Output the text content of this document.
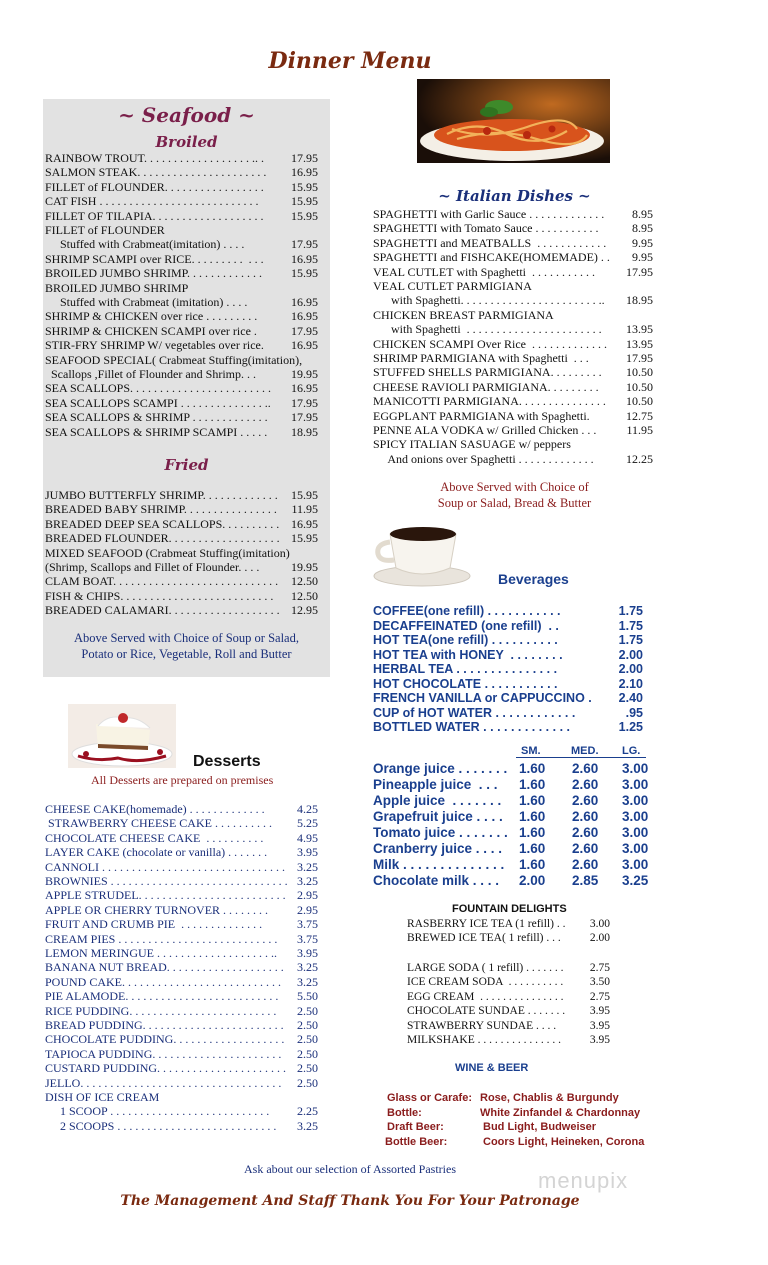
Dinner Menu
~ Seafood ~
Broiled
Fried
Above Served with Choice of Soup or Salad,
Potato or Rice, Vegetable, Roll and Butter
RAINBOW TROUT. . . . . . . . . . . . . . . . . . .. .	17.95
SALMON STEAK. . . . . . . . . . . . . . . . . . . . . .	16.95
FILLET of FLOUNDER. . . . . . . . . . . . . . . . .	15.95
CAT FISH . . . . . . . . . . . . . . . . . . . . . . . . . . .	15.95
FILLET OF TILAPIA. . . . . . . . . . . . . . . . . . .	15.95
FILLET of FLOUNDER
Stuffed with Crabmeat(imitation) . . . .	17.95
SHRIMP SCAMPI over RICE. . . . . . . . .  . . .	16.95
BROILED JUMBO SHRIMP. . . . . . . . . . . . .	15.95
BROILED JUMBO SHRIMP
Stuffed with Crabmeat (imitation) . . . .	16.95
SHRIMP & CHICKEN over rice . . . . . . . . .	16.95
SHRIMP & CHICKEN SCAMPI over rice .	17.95
STIR-FRY SHRIMP W/ vegetables over rice.	16.95
SEAFOOD SPECIAL( Crabmeat Stuffing(imitation),
Scallops ,Fillet of Flounder and Shrimp. . .	19.95
SEA SCALLOPS. . . . . . . . . . . . . . . . . . . . . . . .	16.95
SEA SCALLOPS SCAMPI . . . . . . . . . . . . . . ..	17.95
SEA SCALLOPS & SHRIMP . . . . . . . . . . . . .	17.95
SEA SCALLOPS & SHRIMP SCAMPI . . . . .	18.95
JUMBO BUTTERFLY SHRIMP. . . . . . . . . . . . .	15.95
BREADED BABY SHRIMP. . . . . . . . . . . . . . . .	11.95
BREADED DEEP SEA SCALLOPS. . . . . . . . . . 16.95
BREADED FLOUNDER. . . . . . . . . . . . . . . . . . . 15.95
MIXED SEAFOOD (Crabmeat Stuffing(imitation)
(Shrimp, Scallops and Fillet of Flounder. . . .	19.95
CLAM BOAT. . . . . . . . . . . . . . . . . . . . . . . . . . . .	12.50
FISH & CHIPS. . . . . . . . . . . . . . . . . . . . . . . . . .	12.50
BREADED CALAMARI. . . . . . . . . . . . . . . . . . . 12.95
~ Italian Dishes ~
SPAGHETTI with Garlic Sauce . . . . . . . . . . . . .	8.95
SPAGHETTI with Tomato Sauce . . . . . . . . . . .	8.95
SPAGHETTI and MEATBALLS  . . . . . . . . . . . .	9.95
SPAGHETTI and FISHCAKE(HOMEMADE) . .	9.95
VEAL CUTLET with Spaghetti  . . . . . . . . . . .	17.95
VEAL CUTLET PARMIGIANA
with Spaghetti. . . . . . . . . . . . . . . . . . . . . . . ..	18.95
CHICKEN BREAST PARMIGIANA
with Spaghetti  . . . . . . . . . . . . . . . . . . . . . . .	13.95
CHICKEN SCAMPI Over Rice  . . . . . . . . . . . . .	13.95
SHRIMP PARMIGIANA with Spaghetti  . . .	17.95
STUFFED SHELLS PARMIGIANA. . . . . . . . .	10.50
CHEESE RAVIOLI PARMIGIANA. . . . . . . . .	10.50
MANICOTTI PARMIGIANA. . . . . . . . . . . . . . .	10.50
EGGPLANT PARMIGIANA with Spaghetti.	12.75
PENNE ALA VODKA w/ Grilled Chicken . . .	11.95
SPICY ITALIAN SASUAGE w/ peppers
And onions over Spaghetti . . . . . . . . . . . . .	12.25
Above Served with Choice of
Soup or Salad, Bread & Butter
Beverages
COFFEE(one refill) . . . . . . . . . . .	1.75
DECAFFEINATED (one refill)  . .	1.75
HOT TEA(one refill) . . . . . . . . . .	1.75
HOT TEA with HONEY  . . . . . . . .	2.00
HERBAL TEA . . . . . . . . . . . . . . .	2.00
HOT CHOCOLATE . . . . . . . . . . .	2.10
FRENCH VANILLA or CAPPUCCINO .	2.40
CUP of HOT WATER . . . . . . . . . . . .	.95
BOTTLED WATER . . . . . . . . . . . . .	1.25
SM.	MED. LG.
Orange juice . . . . . . . 1.60 2.60 3.00
Pineapple juice  . . . 1.60 2.60 3.00
Apple juice  . . . . . . . 1.60 2.60 3.00
Grapefruit juice . . . . 1.60 2.60 3.00
Tomato juice . . . . . . . 1.60 2.60 3.00
Cranberry juice . . . . 1.60 2.60 3.00
Milk . . . . . . . . . . . . . . 1.60 2.60 3.00
Chocolate milk . . . . 2.00 2.85 3.25
FOUNTAIN DELIGHTS
RASBERRY ICE TEA (1 refill) . .	3.00
BREWED ICE TEA( 1 refill) . . .	2.00
WINE & BEER
Glass or Carafe: Rose, Chablis & Burgundy
Bottle:	White Zinfandel & Chardonnay
Draft Beer:	Bud Light, Budweiser
Bottle Beer:	Coors Light, Heineken, Corona
Desserts
All Desserts are prepared on premises
CHEESE CAKE(homemade) . . . . . . . . . . . . .	4.25
STRAWBERRY CHEESE CAKE . . . . . . . . . .	5.25
CHOCOLATE CHEESE CAKE  . . . . . . . . . .	4.95
LAYER CAKE (chocolate or vanilla) . . . . . . .	3.95
CANNOLI . . . . . . . . . . . . . . . . . . . . . . . . . . . . . . .	3.25
BROWNIES . . . . . . . . . . . . . . . . . . . . . . . . . . . . . . 3.25
APPLE STRUDEL. . . . . . . . . . . . . . . . . . . . . . . . . 2.95
APPLE OR CHERRY TURNOVER . . . . . . . .	2.95
FRUIT AND CRUMB PIE  . . . . . . . . . . . . . .	3.75
CREAM PIES . . . . . . . . . . . . . . . . . . . . . . . . . . .	3.75
LEMON MERINGUE . . . . . . . . . . . . . . . . . . . ..	3.95
BANANA NUT BREAD. . . . . . . . . . . . . . . . . . . .	3.25
POUND CAKE. . . . . . . . . . . . . . . . . . . . . . . . . . .	3.25
PIE ALAMODE. . . . . . . . . . . . . . . . . . . . . . . . . .	5.50
RICE PUDDING. . . . . . . . . . . . . . . . . . . . . . . . .	2.50
BREAD PUDDING. . . . . . . . . . . . . . . . . . . . . . . .	2.50
CHOCOLATE PUDDING. . . . . . . . . . . . . . . . . . .	2.50
TAPIOCA PUDDING. . . . . . . . . . . . . . . . . . . . . .	2.50
CUSTARD PUDDING. . . . . . . . . . . . . . . . . . . . . . 2.50
JELLO. . . . . . . . . . . . . . . . . . . . . . . . . . . . . . . . . .	2.50
DISH OF ICE CREAM
1 SCOOP . . . . . . . . . . . . . . . . . . . . . . . . . . .	2.25
2 SCOOPS . . . . . . . . . . . . . . . . . . . . . . . . . . .	3.25
Ask about our selection of Assorted Pastries	menupix
The Management And Staff Thank You For Your Patronage
LARGE SODA ( 1 refill) . . . . . . .	2.75
ICE CREAM SODA  . . . . . . . . . .	3.50
EGG CREAM  . . . . . . . . . . . . . . .	2.75
CHOCOLATE SUNDAE . . . . . . .	3.95
STRAWBERRY SUNDAE . . . .	3.95
MILKSHAKE . . . . . . . . . . . . . . .	3.95
